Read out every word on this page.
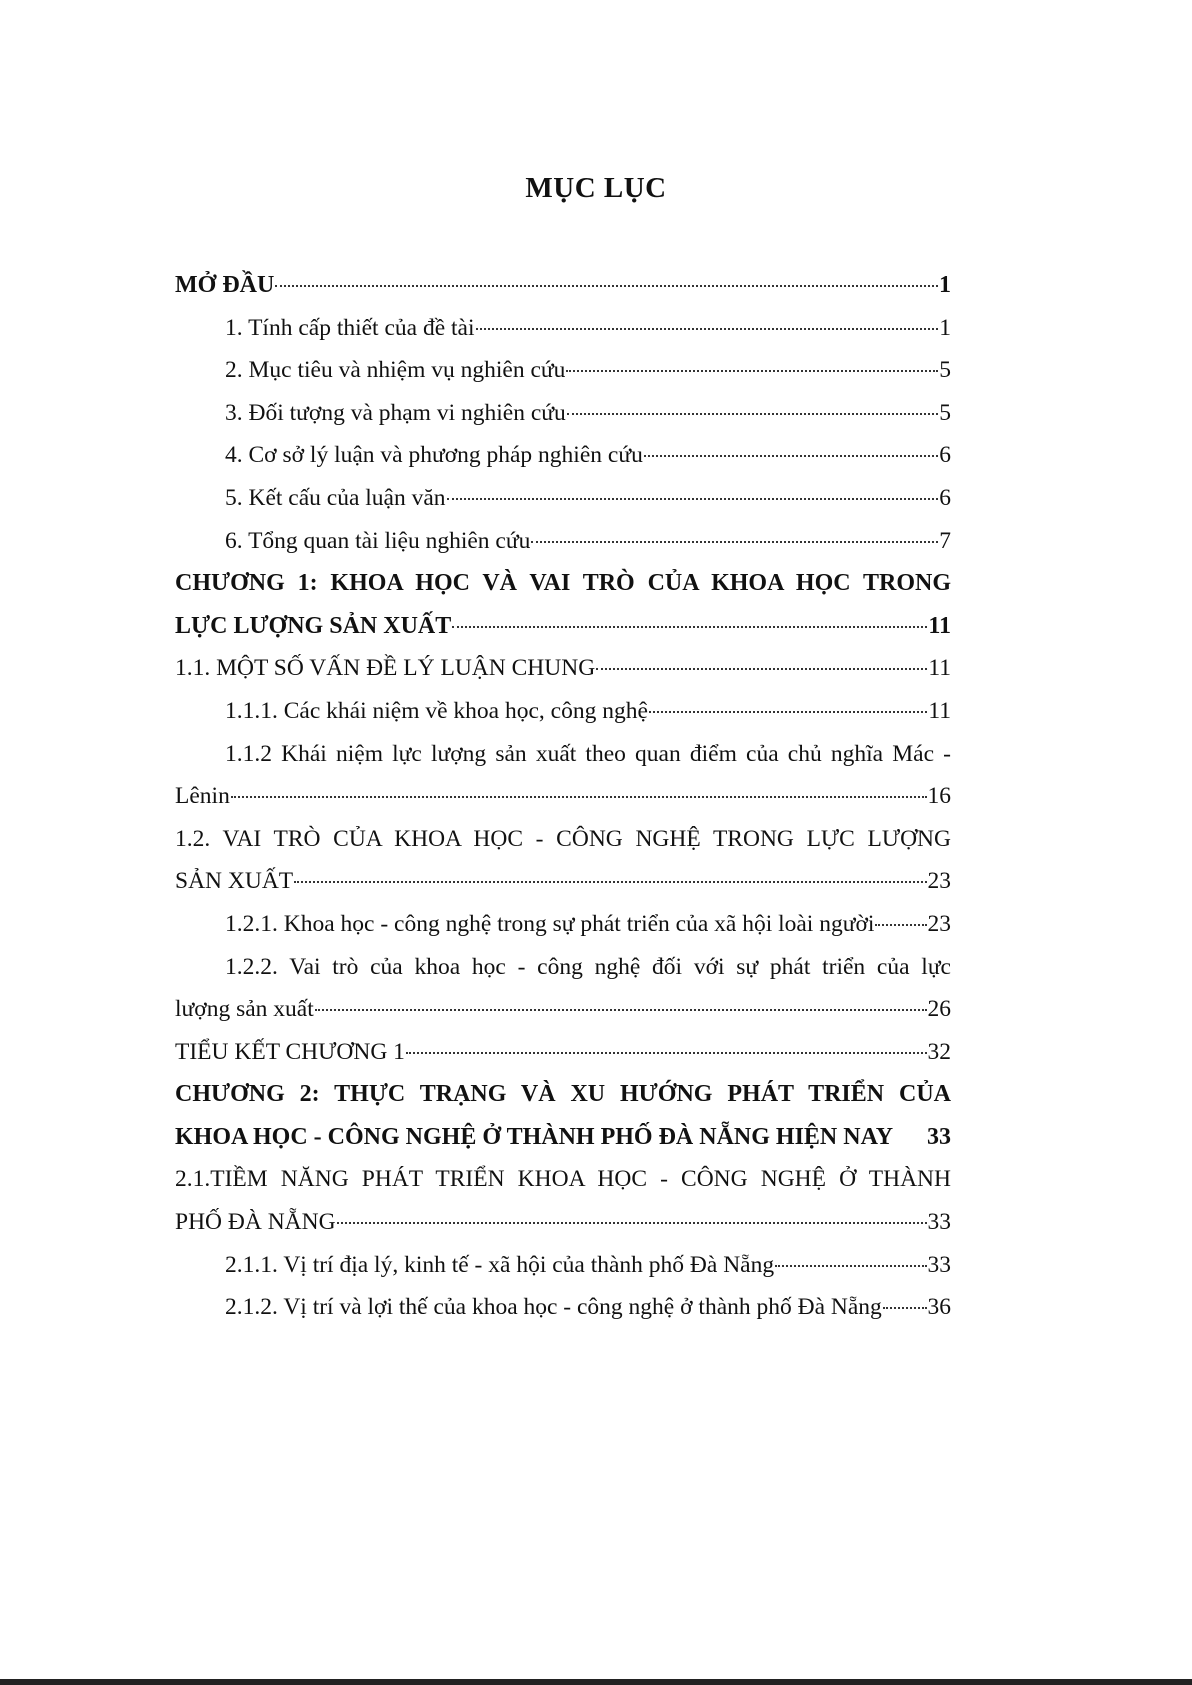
MỤC LỤC
MỞ ĐẦU	1
1. Tính cấp thiết của đề tài	1
2. Mục tiêu và nhiệm vụ nghiên cứu	5
3. Đối tượng và phạm vi nghiên cứu	5
4. Cơ sở lý luận và phương pháp nghiên cứu	6
5. Kết cấu của luận văn	6
6. Tổng quan tài liệu nghiên cứu	7
CHƯƠNG 1: KHOA HỌC VÀ VAI TRÒ CỦA KHOA HỌC TRONG
LỰC LƯỢNG SẢN XUẤT	11
1.1. MỘT SỐ VẤN ĐỀ LÝ LUẬN CHUNG	11
1.1.1. Các khái niệm về khoa học, công nghệ	11
1.1.2 Khái niệm lực lượng sản xuất theo quan điểm của chủ nghĩa Mác -
Lênin	16
1.2. VAI TRÒ CỦA KHOA HỌC - CÔNG NGHỆ TRONG LỰC LƯỢNG
SẢN XUẤT	23
1.2.1. Khoa học - công nghệ trong sự phát triển của xã hội loài người 23
1.2.2. Vai trò của khoa học - công nghệ đối với sự phát triển của lực
lượng sản xuất	26
TIỂU KẾT CHƯƠNG 1	32
CHƯƠNG 2: THỰC TRẠNG VÀ XU HƯỚNG PHÁT TRIỂN CỦA
KHOA HỌC - CÔNG NGHỆ Ở THÀNH PHỐ ĐÀ NẴNG HIỆN NAY 33
2.1.TIỀM NĂNG PHÁT TRIỂN KHOA HỌC - CÔNG NGHỆ Ở THÀNH
PHỐ ĐÀ NẴNG	33
2.1.1. Vị trí địa lý, kinh tế - xã hội của thành phố Đà Nẵng	33
2.1.2. Vị trí và lợi thế của khoa học - công nghệ ở thành phố Đà Nẵng 36
